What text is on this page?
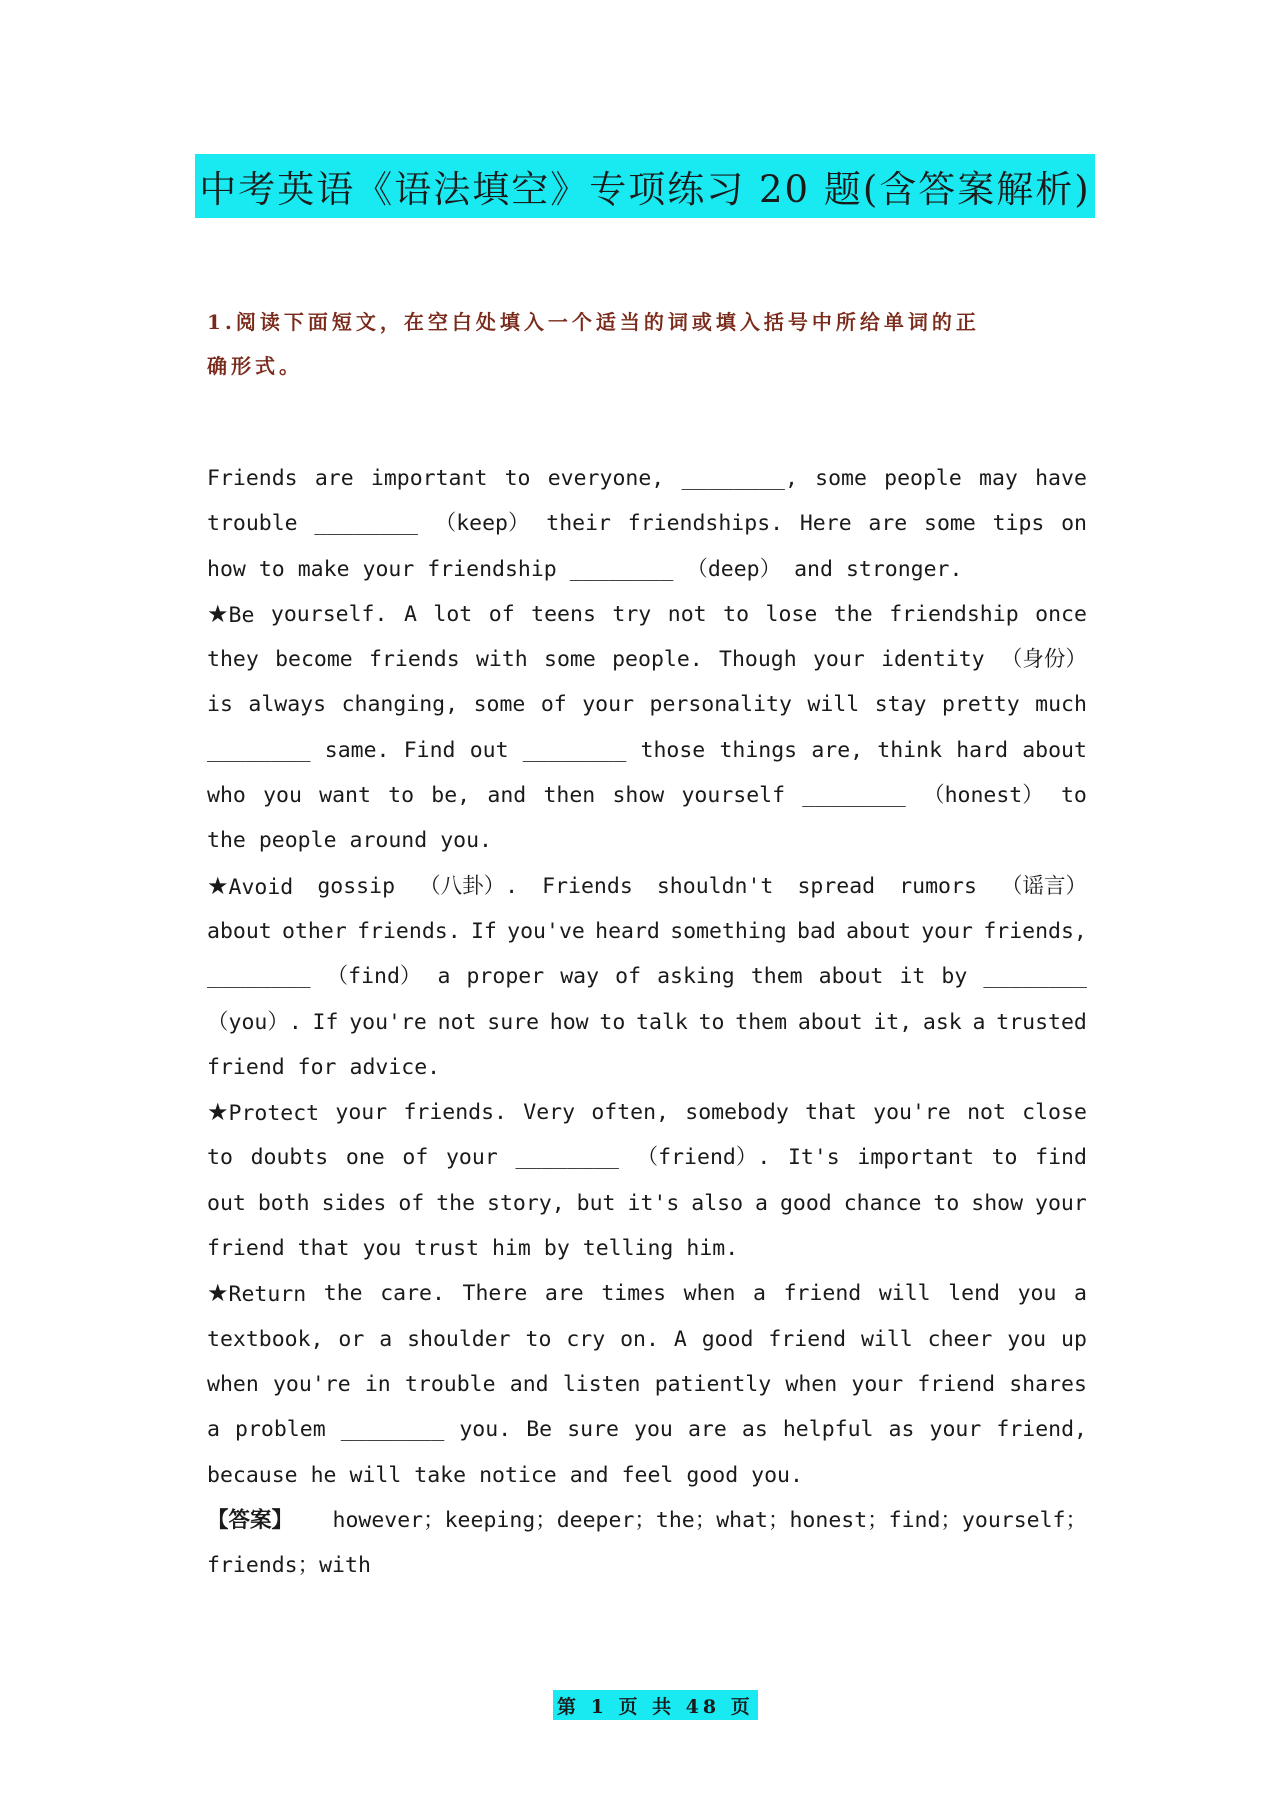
中考英语《语法填空》专项练习 20 题(含答案解析)
1.阅读下面短文，在空白处填入一个适当的词或填入括号中所给单词的正
确形式。
Friends are important to everyone, ________, some people may have
trouble ________ （keep） their friendships. Here are some tips on
how to make your friendship ________ （deep） and stronger.
★Be yourself. A lot of teens try not to lose the friendship once
they become friends with some people. Though your identity （身份）
is always changing, some of your personality will stay pretty much
________ same. Find out ________ those things are, think hard about
who you want to be, and then show yourself ________ （honest） to
the people around you.
★Avoid gossip （八卦）. Friends shouldn't spread rumors （谣言）
about other friends. If you've heard something bad about your friends,
________ （find） a proper way of asking them about it by ________
（you）. If you're not sure how to talk to them about it, ask a trusted
friend for advice.
★Protect your friends. Very often, somebody that you're not close
to doubts one of your ________ （friend）. It's important to find
out both sides of the story, but it's also a good chance to show your
friend that you trust him by telling him.
★Return the care. There are times when a friend will lend you a
textbook, or a shoulder to cry on. A good friend will cheer you up
when you're in trouble and listen patiently when your friend shares
a problem ________ you. Be sure you are as helpful as your friend,
because he will take notice and feel good you.
【答案】 however；keeping；deeper；the；what；honest；find；yourself；
friends；with
第 1 页 共 48 页
